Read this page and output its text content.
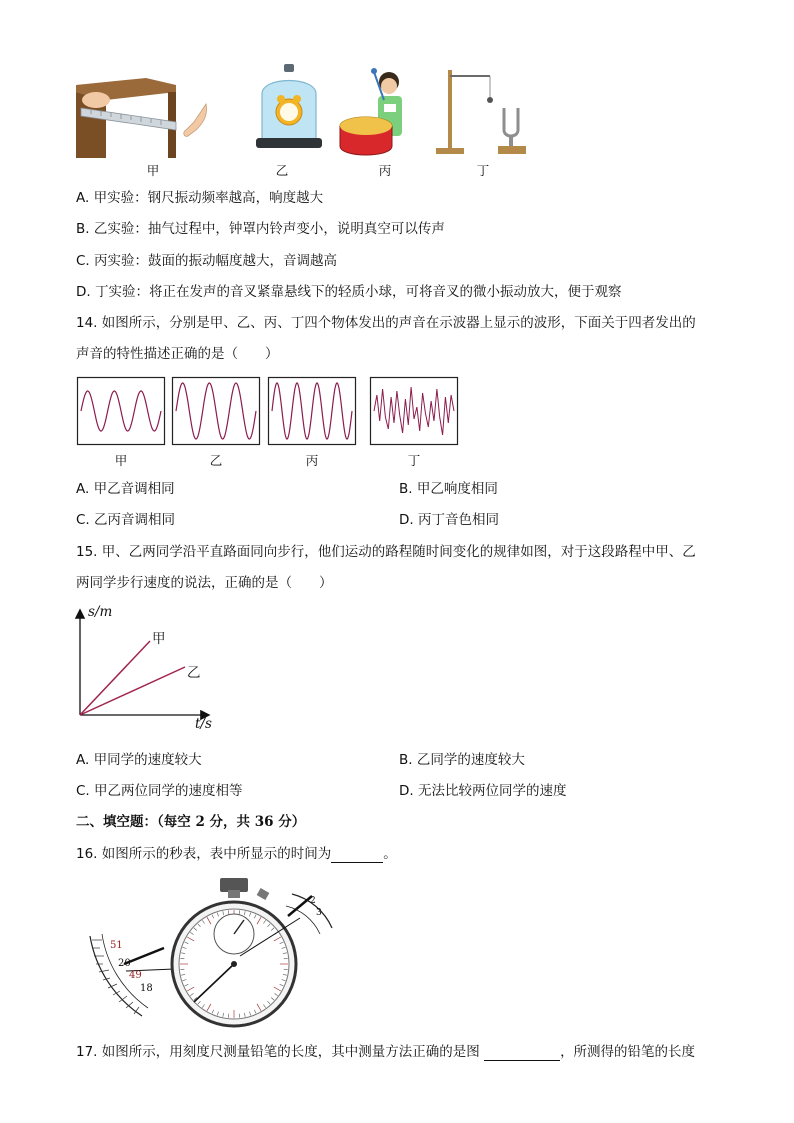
甲	乙	丙	丁
A. 甲实验：钢尺振动频率越高，响度越大
B. 乙实验：抽气过程中，钟罩内铃声变小，说明真空可以传声
C. 丙实验：鼓面的振动幅度越大，音调越高
D. 丁实验：将正在发声的音叉紧靠悬线下的轻质小球，可将音叉的微小振动放大，便于观察
14. 如图所示，分别是甲、乙、丙、丁四个物体发出的声音在示波器上显示的波形，下面关于四者发出的
声音的特性描述正确的是（　　）
甲	乙	丙	丁
A. 甲乙音调相同	B. 甲乙响度相同
C. 乙丙音调相同	D. 丙丁音色相同
15. 甲、乙两同学沿平直路面同向步行，他们运动的路程随时间变化的规律如图，对于这段路程中甲、乙
两同学步行速度的说法，正确的是（　　）
s/m
t/s
甲
乙
A. 甲同学的速度较大	B. 乙同学的速度较大
C. 甲乙两位同学的速度相等	D. 无法比较两位同学的速度
二、填空题：（每空 2 分，共 36 分）
16. 如图所示的秒表，表中所显示的时间为	。
51
20
49
18
2
3
17. 如图所示，用刻度尺测量铅笔的长度，其中测量方法正确的是图	，所测得的铅笔的长度
